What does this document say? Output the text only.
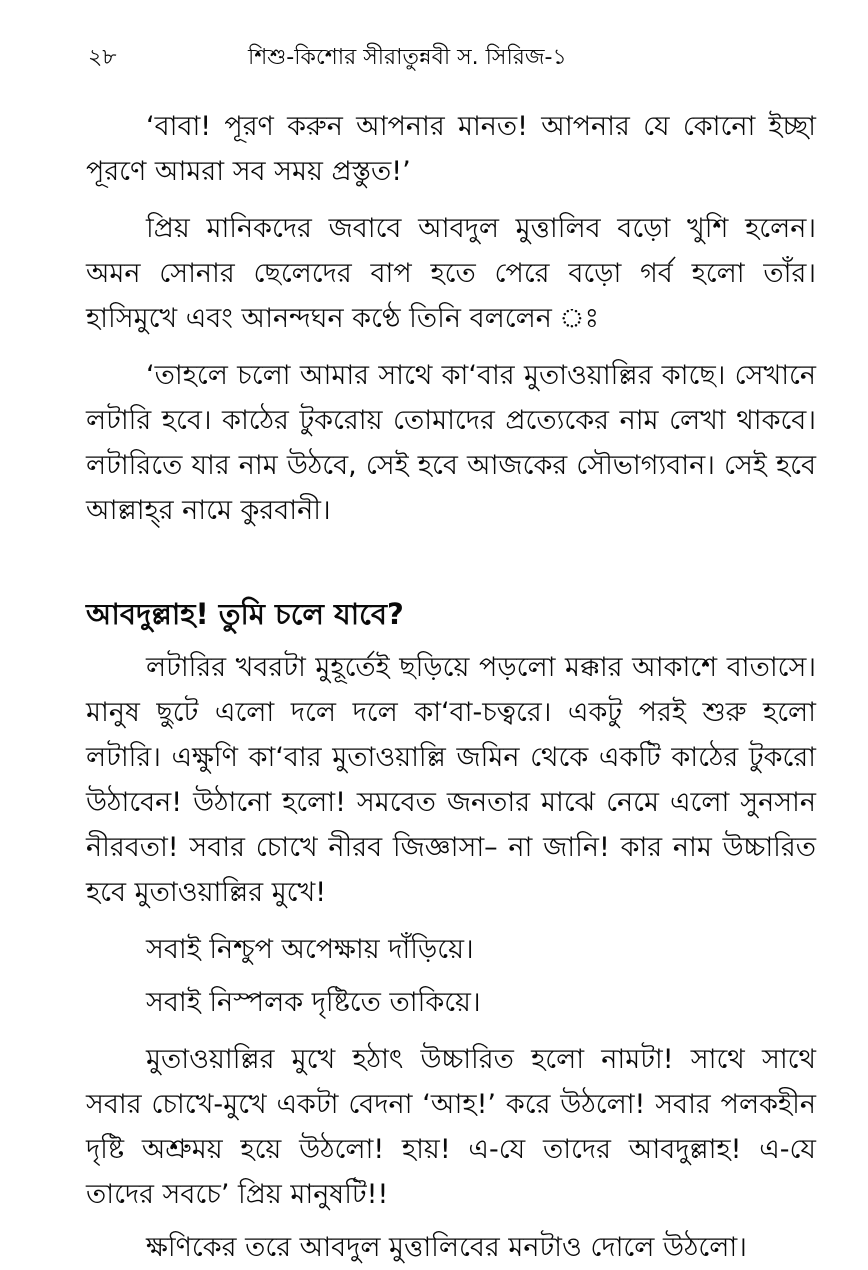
২৮	শিশু-কিশোর সীরাতুন্নবী স. সিরিজ-১

‘বাবা! পূরণ করুন আপনার মানত! আপনার যে কোনো ইচ্ছা পূরণে আমরা সব সময় প্রস্তুত!’

প্রিয় মানিকদের জবাবে আবদুল মুত্তালিব বড়ো খুশি হলেন। অমন সোনার ছেলেদের বাপ হতে পেরে বড়ো গর্ব হলো তাঁর। হাসিমুখে এবং আনন্দঘন কণ্ঠে তিনি বললেন ঃ

‘তাহলে চলো আমার সাথে কা‘বার মুতাওয়াল্লির কাছে। সেখানে লটারি হবে। কাঠের টুকরোয় তোমাদের প্রত্যেকের নাম লেখা থাকবে। লটারিতে যার নাম উঠবে, সেই হবে আজকের সৌভাগ্যবান। সেই হবে আল্লাহ্‌র নামে কুরবানী।

আবদুল্লাহ! তুমি চলে যাবে?

লটারির খবরটা মুহূর্তেই ছড়িয়ে পড়লো মক্কার আকাশে বাতাসে। মানুষ ছুটে এলো দলে দলে কা‘বা-চত্বরে। একটু পরই শুরু হলো লটারি। এক্ষুণি কা‘বার মুতাওয়াল্লি জমিন থেকে একটি কাঠের টুকরো উঠাবেন! উঠানো হলো! সমবেত জনতার মাঝে নেমে এলো সুনসান নীরবতা! সবার চোখে নীরব জিজ্ঞাসা– না জানি! কার নাম উচ্চারিত হবে মুতাওয়াল্লির মুখে!

সবাই নিশ্চুপ অপেক্ষায় দাঁড়িয়ে।

সবাই নিস্পলক দৃষ্টিতে তাকিয়ে।

মুতাওয়াল্লির মুখে হঠাৎ উচ্চারিত হলো নামটা! সাথে সাথে সবার চোখে-মুখে একটা বেদনা ‘আহ!’ করে উঠলো! সবার পলকহীন দৃষ্টি অশ্রুময় হয়ে উঠলো! হায়! এ-যে তাদের আবদুল্লাহ! এ-যে তাদের সবচে’ প্রিয় মানুষটি!!

ক্ষণিকের তরে আবদুল মুত্তালিবের মনটাও দোলে উঠলো।
